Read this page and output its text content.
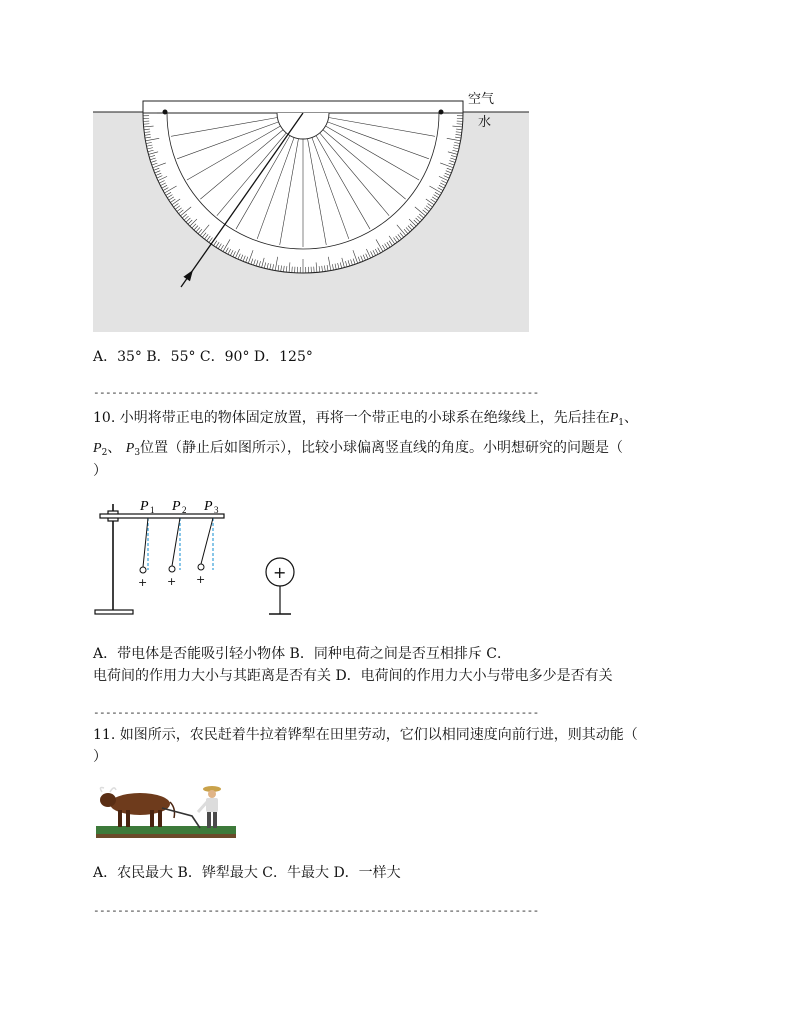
空气
水
A．35° B．55° C．90° D．125°
--------------------------------------------------------------------------
10. 小明将带正电的物体固定放置，再将一个带正电的小球系在绝缘线上，先后挂在$P_1$、
$P_2$、 $P_3$位置（静止后如图所示），比较小球偏离竖直线的角度。小明想研究的问题是（
）
P 1 P 2 P 3
+ + +	+
A．带电体是否能吸引轻小物体 B．同种电荷之间是否互相排斥 C．
电荷间的作用力大小与其距离是否有关 D．电荷间的作用力大小与带电多少是否有关
--------------------------------------------------------------------------
11. 如图所示，农民赶着牛拉着铧犁在田里劳动，它们以相同速度向前行进，则其动能（
）
A．农民最大 B．铧犁最大 C．牛最大 D．一样大
--------------------------------------------------------------------------
